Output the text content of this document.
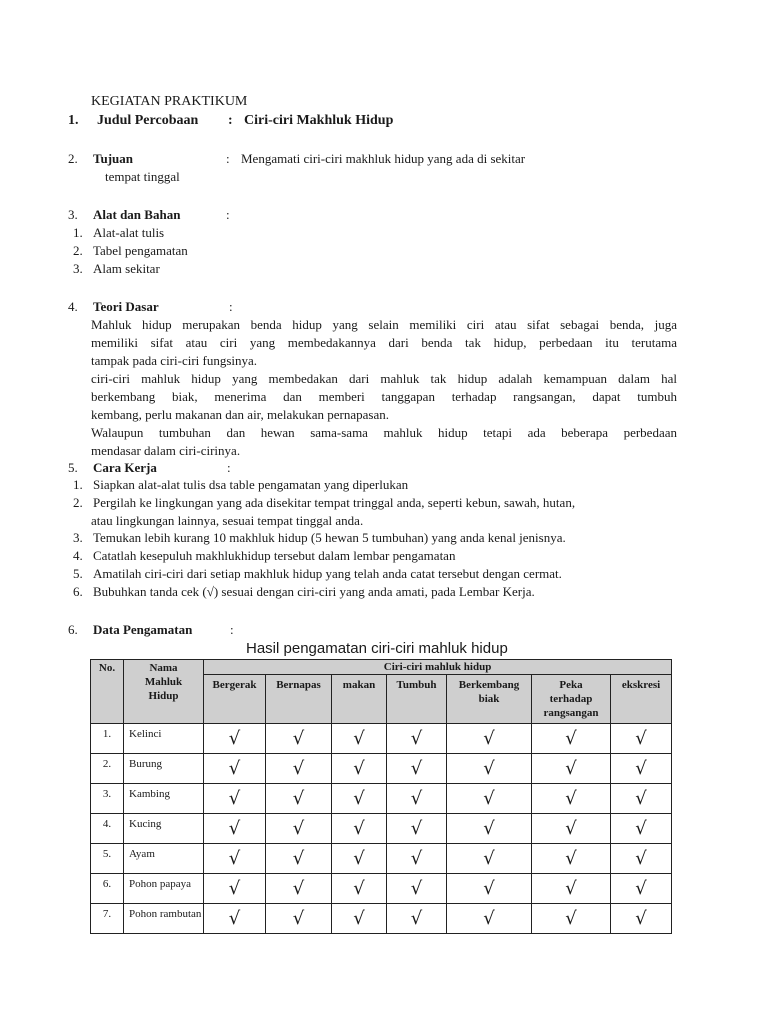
KEGIATAN PRAKTIKUM
1. Judul Percobaan : Ciri-ciri Makhluk Hidup
2. Tujuan	: Mengamati ciri-ciri makhluk hidup yang ada di sekitar
tempat tinggal
3. Alat dan Bahan	:
1. Alat-alat tulis
2. Tabel pengamatan
3. Alam sekitar
4. Teori Dasar	:
Mahluk hidup merupakan benda hidup yang selain memiliki ciri atau sifat sebagai benda, juga
memiliki sifat atau ciri yang membedakannya dari benda tak hidup, perbedaan itu terutama
tampak pada ciri-ciri fungsinya.
ciri-ciri mahluk hidup yang membedakan dari mahluk tak hidup adalah kemampuan dalam hal
berkembang biak, menerima dan memberi tanggapan terhadap rangsangan, dapat tumbuh
kembang, perlu makanan dan air, melakukan pernapasan.
Walaupun tumbuhan dan hewan sama-sama mahluk hidup tetapi ada beberapa perbedaan
mendasar dalam ciri-cirinya.
5. Cara Kerja	:
1. Siapkan alat-alat tulis dsa table pengamatan yang diperlukan
2. Pergilah ke lingkungan yang ada disekitar tempat tringgal anda, seperti kebun, sawah, hutan,
atau lingkungan lainnya, sesuai tempat tinggal anda.
3. Temukan lebih kurang 10 makhluk hidup (5 hewan 5 tumbuhan) yang anda kenal jenisnya.
4. Catatlah kesepuluh makhlukhidup tersebut dalam lembar pengamatan
5. Amatilah ciri-ciri dari setiap makhluk hidup yang telah anda catat tersebut dengan cermat.
6. Bubuhkan tanda cek (√) sesuai dengan ciri-ciri yang anda amati, pada Lembar Kerja.
6. Data Pengamatan	:
Hasil pengamatan ciri-ciri mahluk hidup
No.	Nama Mahluk Hidup	Ciri-ciri mahluk hidup						
		Bergerak	Bernapas	makan	Tumbuh	Berkembang biak	Peka terhadap rangsangan	ekskresi
1.	Kelinci	√	√	√	√	√	√	√
2.	Burung	√	√	√	√	√	√	√
3.	Kambing	√	√	√	√	√	√	√
4.	Kucing	√	√	√	√	√	√	√
5.	Ayam	√	√	√	√	√	√	√
6.	Pohon papaya	√	√	√	√	√	√	√
7.	Pohon rambutan	√	√	√	√	√	√	√
